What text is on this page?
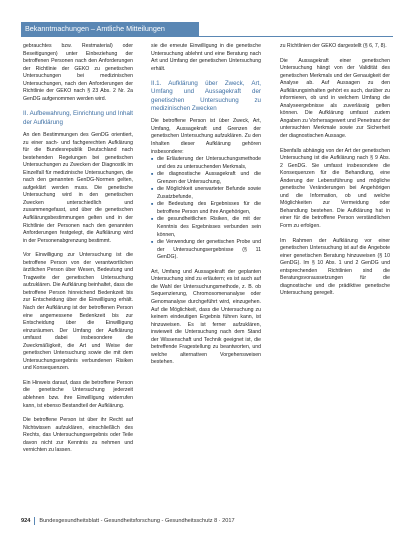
Bekanntmachungen – Amtliche Mitteilungen

gebrauchtes bzw. Restmaterial) oder Beseitigungen) unter Einbeziehung der betroffenen Personen nach den Anforderungen der Richtlinie der GEKO zu genetischen Untersuchungen bei medizinischen Untersuchungen, nach den Anforderungen der Richtlinie der GEKO nach § 23 Abs. 2 Nr. 2a GenDG aufgenommen werden wird.

II. Aufbewahrung, Einrichtung und Inhalt der Aufklärung

An den Bestimmungen des GenDG orientiert, zu einer sach- und fachgerechten Aufklärung für die Bundesrepublik Deutschland nach bestehenden Regelungen bei genetischen Untersuchungen zu Zwecken der Diagnostik im Einzelfall für medizinische Untersuchungen, die nach den genannten GenDG-Normen gelten, aufgeklärt werden muss. Die genetische Untersuchung wird in den genetischen Zwecken unterschiedlich und zusammengefasst, und über die genetischen Aufklärungsbestimmungen gelten und in der Richtlinie der Personen nach den genannten Anforderungen festgelegt, die Aufklärung wird in der Personenabgrenzung bestimmt.

Vor Einwilligung zur Untersuchung ist die betroffene Person von der verantwortlichen ärztlichen Person über Wesen, Bedeutung und Tragweite der genetischen Untersuchung aufzuklären. Die Aufklärung beinhaltet, dass die betroffene Person hinreichend Bedenkzeit bis zur Entscheidung über die Einwilligung erhält. Nach der Aufklärung ist der betroffenen Person eine angemessene Bedenkzeit bis zur Entscheidung über die Einwilligung einzuräumen. Der Umfang der Aufklärung umfasst dabei insbesondere die Zweckmäßigkeit, die Art und Weise der genetischen Untersuchung sowie die mit dem Untersuchungsergebnis verbundenen Risiken und Konsequenzen.

Ein Hinweis darauf, dass die betroffene Person die genetische Untersuchung jederzeit ablehnen bzw. ihre Einwilligung widerrufen kann, ist ebenso Bestandteil der Aufklärung.

Die betroffene Person ist über ihr Recht auf Nichtwissen aufzuklären, einschließlich des Rechts, das Untersuchungsergebnis oder Teile davon nicht zur Kenntnis zu nehmen und vernichten zu lassen.

sie die erneute Einwilligung in die genetische Untersuchung ablehnt und eine Beratung nach Art und Umfang der genetischen Untersuchung erhält.

II.1. Aufklärung über Zweck, Art, Umfang und Aussagekraft der genetischen Untersuchung zu medizinischen Zwecken

Die betroffene Person ist über Zweck, Art, Umfang, Aussagekraft und Grenzen der genetischen Untersuchung aufzuklären. Zu den Inhalten dieser Aufklärung gehören insbesondere:

■ die Erläuterung der Untersuchungsmethode und des zu untersuchenden Merkmals,
■ die diagnostische Aussagekraft und die Grenzen der Untersuchung,
■ die Möglichkeit unerwarteter Befunde sowie Zusatzbefunde,
■ die Bedeutung des Ergebnisses für die betroffene Person und ihre Angehörigen,
■ die gesundheitlichen Risiken, die mit der Kenntnis des Ergebnisses verbunden sein können,
■ die Verwendung der genetischen Probe und der Untersuchungsergebnisse (§ 11 GenDG).

Art, Umfang und Aussagekraft der geplanten Untersuchung sind zu erläutern; es ist auch auf die Wahl der Untersuchungsmethode, z. B. ob Sequenzierung, Chromosomenanalyse oder Genomanalyse durchgeführt wird, einzugehen. Auf die Möglichkeit, dass die Untersuchung zu keinem eindeutigen Ergebnis führen kann, ist hinzuweisen. Es ist ferner aufzuklären, inwieweit die Untersuchung nach dem Stand der Wissenschaft und Technik geeignet ist, die betreffende Fragestellung zu beantworten, und welche alternativen Vorgehensweisen bestehen.

zu Richtlinien der GEKO dargestellt (§ 6, 7, 8).

Die Aussagekraft einer genetischen Untersuchung hängt von der Validität des genetischen Merkmals und der Genauigkeit der Analyse ab. Auf Aussagen zu den Aufklärungsinhalten gehört es auch, darüber zu informieren, ob und in welchem Umfang die Analyseergebnisse als zuverlässig gelten können. Die Aufklärung umfasst zudem Angaben zu Vorhersagewert und Penetranz der untersuchten Merkmale sowie zur Sicherheit der diagnostischen Aussage.

Ebenfalls abhängig von der Art der genetischen Untersuchung ist die Aufklärung nach § 9 Abs. 2 GenDG. Sie umfasst insbesondere die Konsequenzen für die Behandlung, eine Änderung der Lebensführung und mögliche genetische Veränderungen bei Angehörigen und die Information, ob und welche Möglichkeiten zur Vermeidung oder Behandlung bestehen. Die Aufklärung hat in einer für die betroffene Person verständlichen Form zu erfolgen.

Im Rahmen der Aufklärung vor einer genetischen Untersuchung ist auf die Angebote einer genetischen Beratung hinzuweisen (§ 10 GenDG). Im § 10 Abs. 1 und 2 GenDG und entsprechenden Richtlinien sind die Beratungsvoraussetzungen für die diagnostische und die prädiktive genetische Untersuchung geregelt.

924 Bundesgesundheitsblatt - Gesundheitsforschung - Gesundheitsschutz 8 · 2017
